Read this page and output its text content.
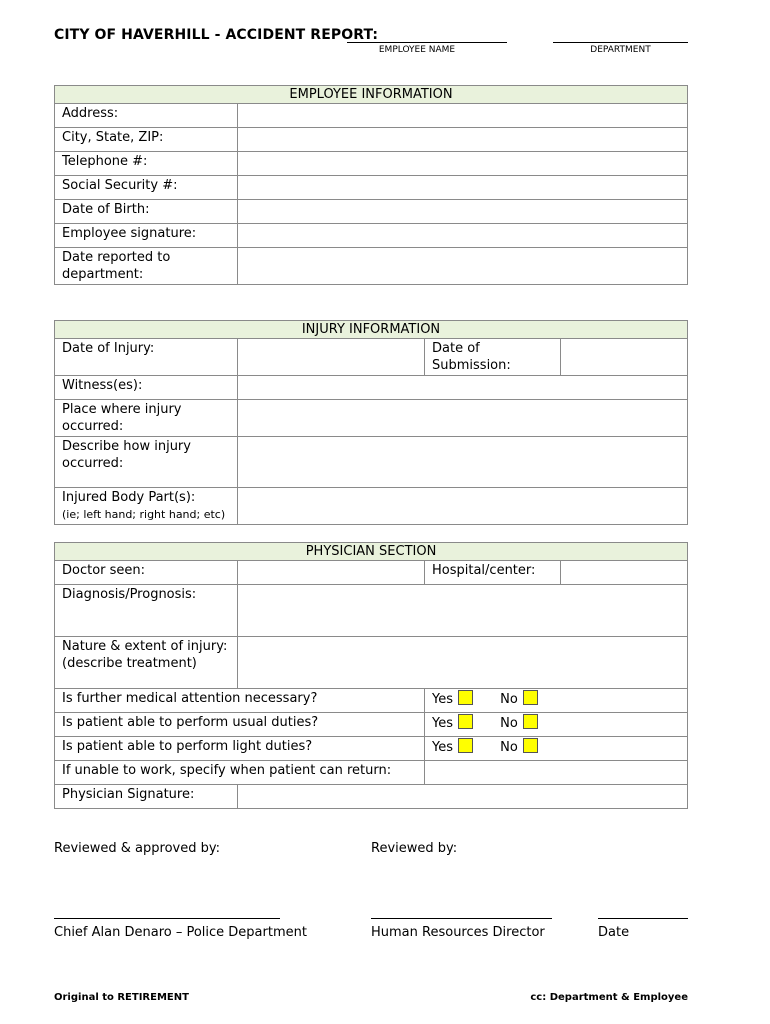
CITY OF HAVERHILL - ACCIDENT REPORT:
EMPLOYEE NAME	DEPARTMENT
EMPLOYEE INFORMATION	
Address:	
City, State, ZIP:	
Telephone #:	
Social Security #:	
Date of Birth:	
Employee signature:	
Date reported to department:	
INJURY INFORMATION			
Date of Injury:		Date of Submission:	
Witness(es):			
Place where injury occurred:			
Describe how injury occurred:			

Injured Body Part(s):
(ie; left hand; right hand; etc)			

PHYSICIAN SECTION			
Doctor seen:		Hospital/center:	
Diagnosis/Prognosis:			

Nature & extent of injury:
(describe treatment)			

Is further medical attention necessary?		Yes No	
Is patient able to perform usual duties?		Yes No	
Is patient able to perform light duties?		Yes No	
If unable to work, specify when patient can return:			
Physician Signature:			
Reviewed & approved by:	Reviewed by:
Chief Alan Denaro – Police Department	Human Resources Director	Date
Original to RETIREMENT	cc: Department & Employee
